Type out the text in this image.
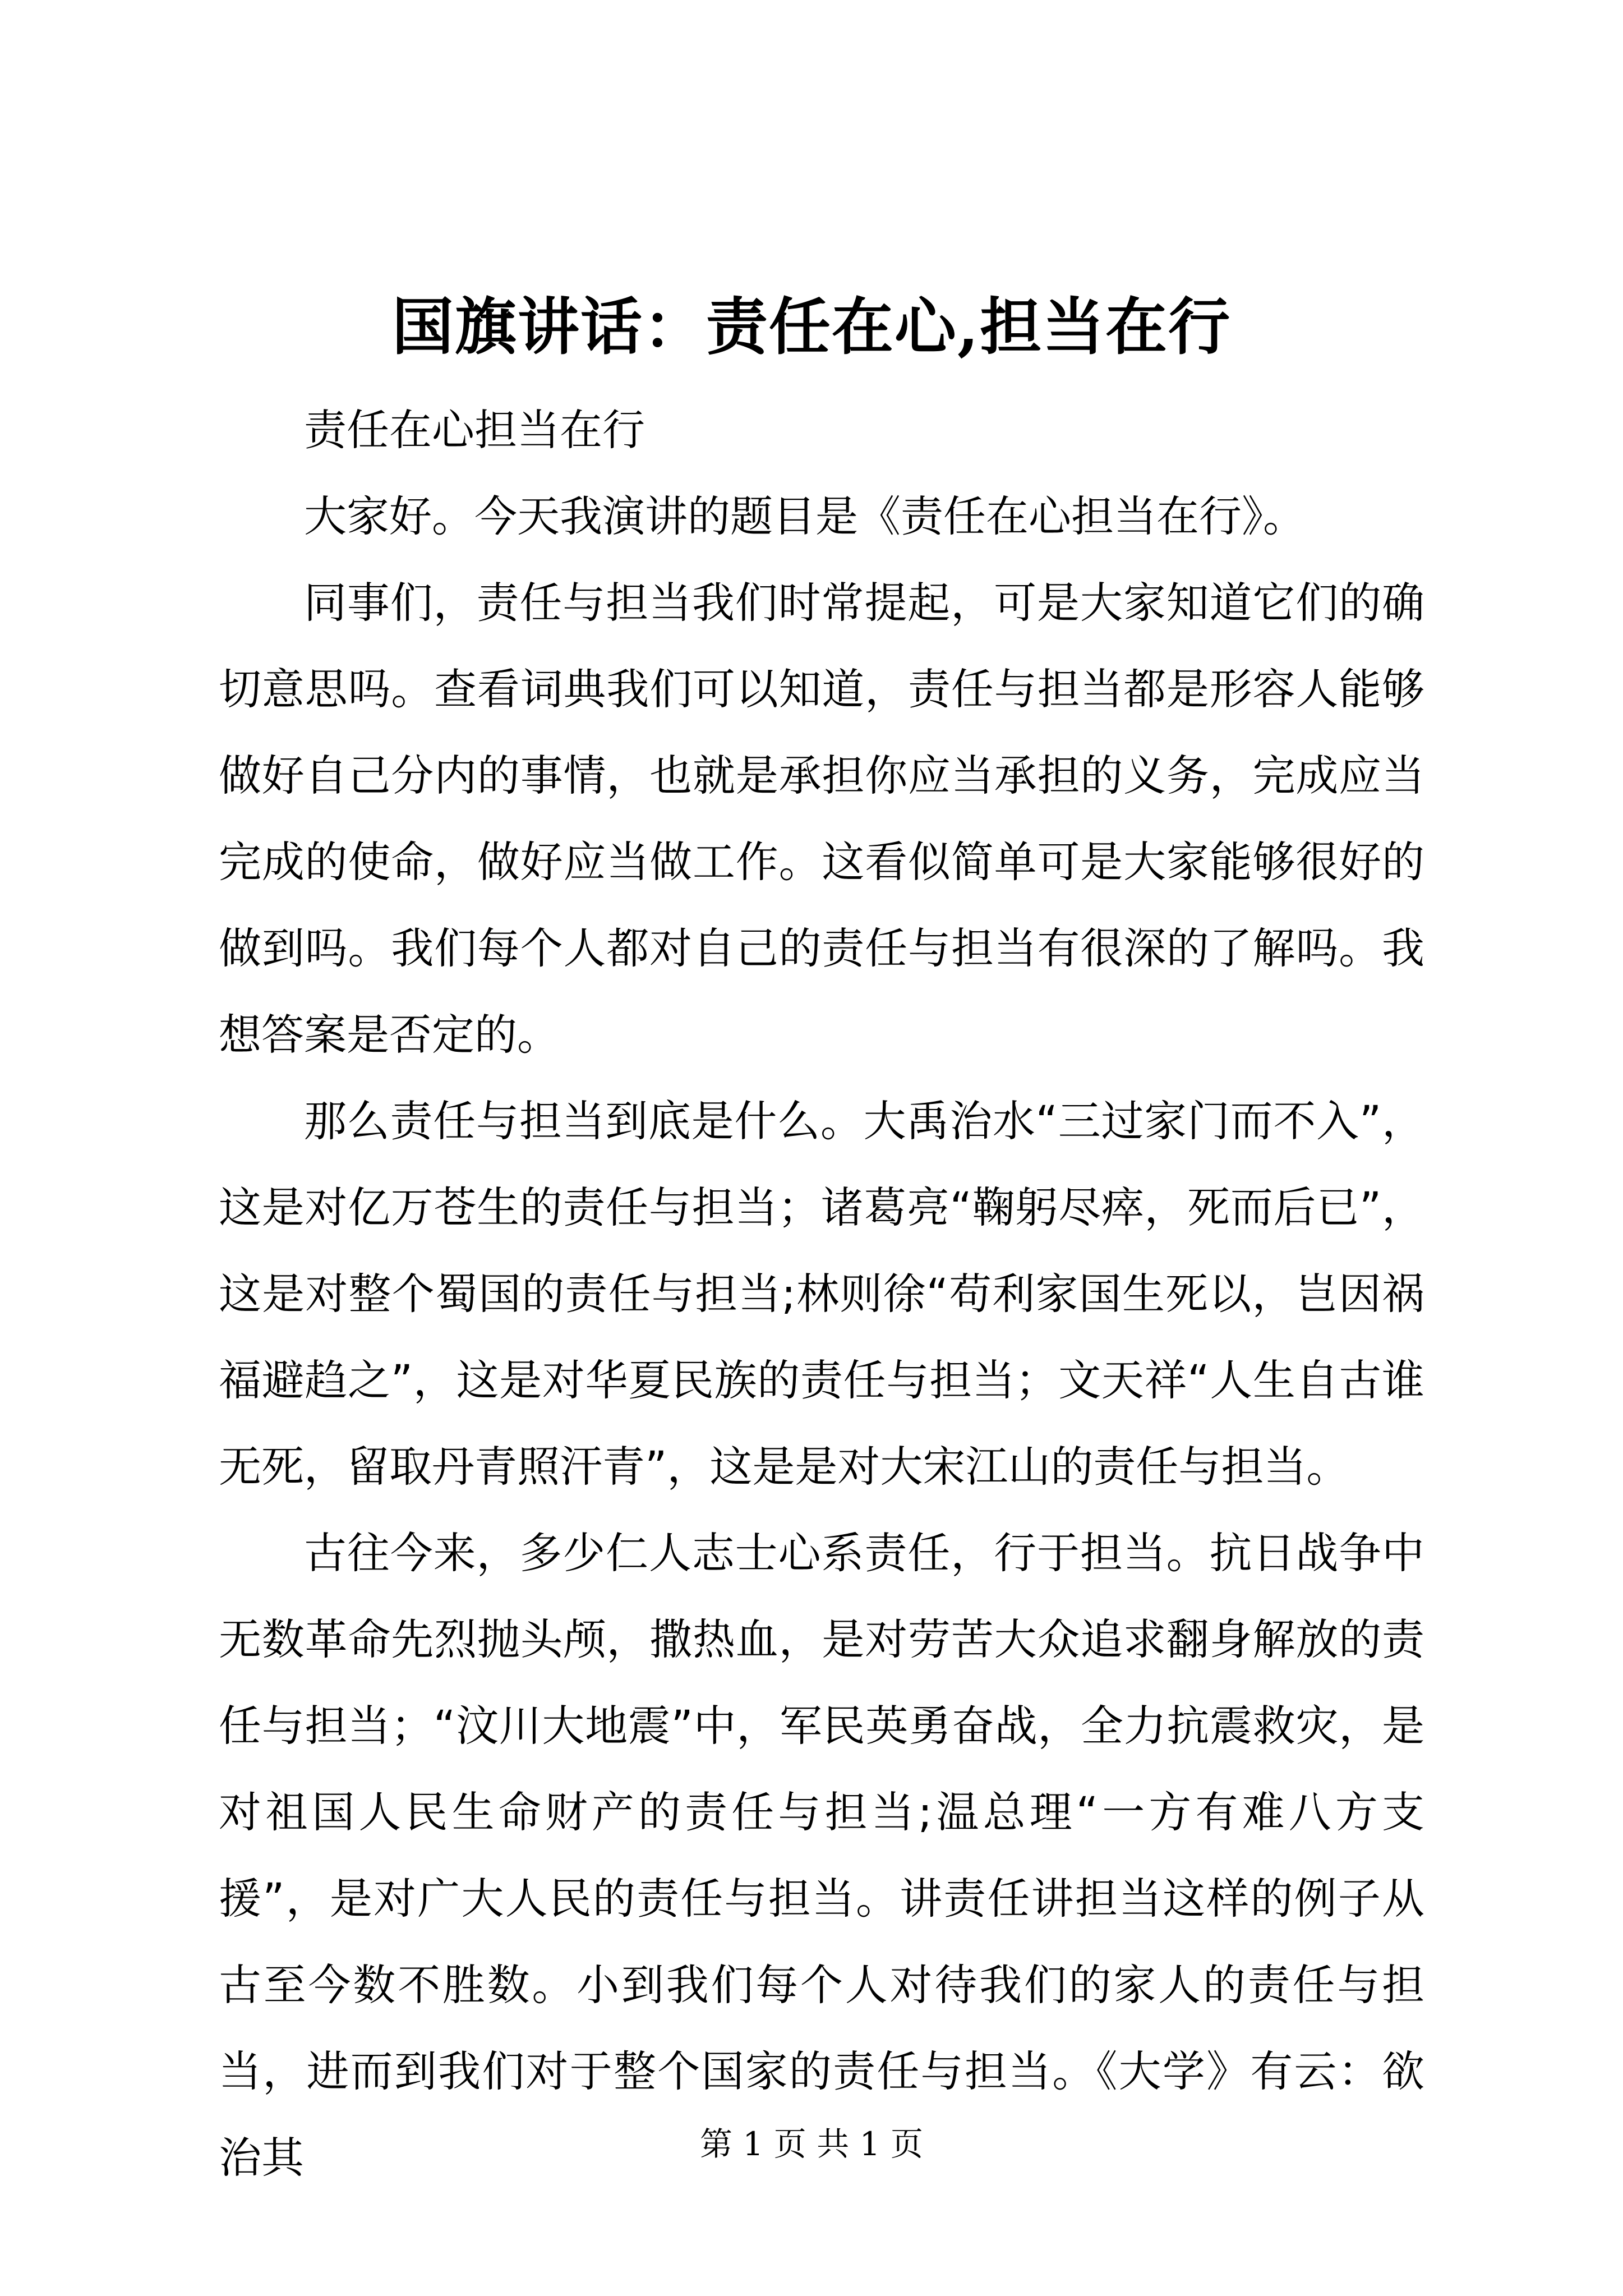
国旗讲话：责任在心,担当在行

责任在心担当在行

大家好。今天我演讲的题目是《责任在心担当在行》。

同事们，责任与担当我们时常提起，可是大家知道它们的确切意思吗。查看词典我们可以知道，责任与担当都是形容人能够做好自己分内的事情，也就是承担你应当承担的义务，完成应当完成的使命，做好应当做工作。这看似简单可是大家能够很好的做到吗。我们每个人都对自己的责任与担当有很深的了解吗。我想答案是否定的。

那么责任与担当到底是什么。大禹治水“三过家门而不入”，这是对亿万苍生的责任与担当；诸葛亮“鞠躬尽瘁，死而后已”，这是对整个蜀国的责任与担当;林则徐“苟利家国生死以，岂因祸福避趋之”，这是对华夏民族的责任与担当；文天祥“人生自古谁无死，留取丹青照汗青”，这是是对大宋江山的责任与担当。

古往今来，多少仁人志士心系责任，行于担当。抗日战争中无数革命先烈抛头颅，撒热血，是对劳苦大众追求翻身解放的责任与担当；“汶川大地震”中，军民英勇奋战，全力抗震救灾，是对祖国人民生命财产的责任与担当;温总理“一方有难八方支援”，是对广大人民的责任与担当。讲责任讲担当这样的例子从古至今数不胜数。小到我们每个人对待我们的家人的责任与担当，进而到我们对于整个国家的责任与担当。《大学》有云：欲治其	第 1 页 共 1 页
